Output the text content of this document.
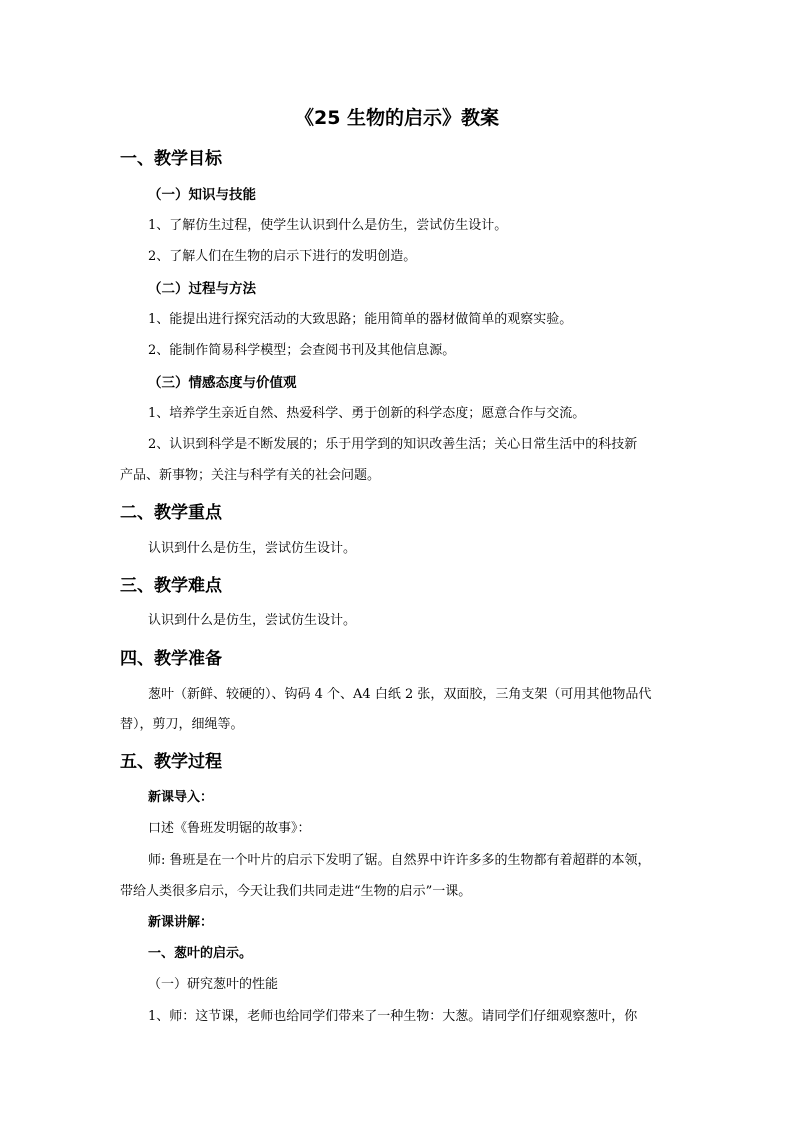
《25 生物的启示》教案
一、教学目标
（一）知识与技能
1、了解仿生过程，使学生认识到什么是仿生，尝试仿生设计。
2、了解人们在生物的启示下进行的发明创造。
（二）过程与方法
1、能提出进行探究活动的大致思路；能用简单的器材做简单的观察实验。
2、能制作简易科学模型；会查阅书刊及其他信息源。
（三）情感态度与价值观
1、培养学生亲近自然、热爱科学、勇于创新的科学态度；愿意合作与交流。
2、认识到科学是不断发展的；乐于用学到的知识改善生活；关心日常生活中的科技新
产品、新事物；关注与科学有关的社会问题。
二、教学重点
认识到什么是仿生，尝试仿生设计。
三、教学难点
认识到什么是仿生，尝试仿生设计。
四、教学准备
葱叶（新鲜、较硬的）、钩码 4 个、A4 白纸 2 张，双面胶，三角支架（可用其他物品代
替），剪刀，细绳等。
五、教学过程
新课导入：
口述《鲁班发明锯的故事》：
师: 鲁班是在一个叶片的启示下发明了锯。自然界中许许多多的生物都有着超群的本领，
带给人类很多启示，今天让我们共同走进“生物的启示”一课。
新课讲解：
一、葱叶的启示。
（一）研究葱叶的性能
1、师：这节课，老师也给同学们带来了一种生物：大葱。请同学们仔细观察葱叶，你
